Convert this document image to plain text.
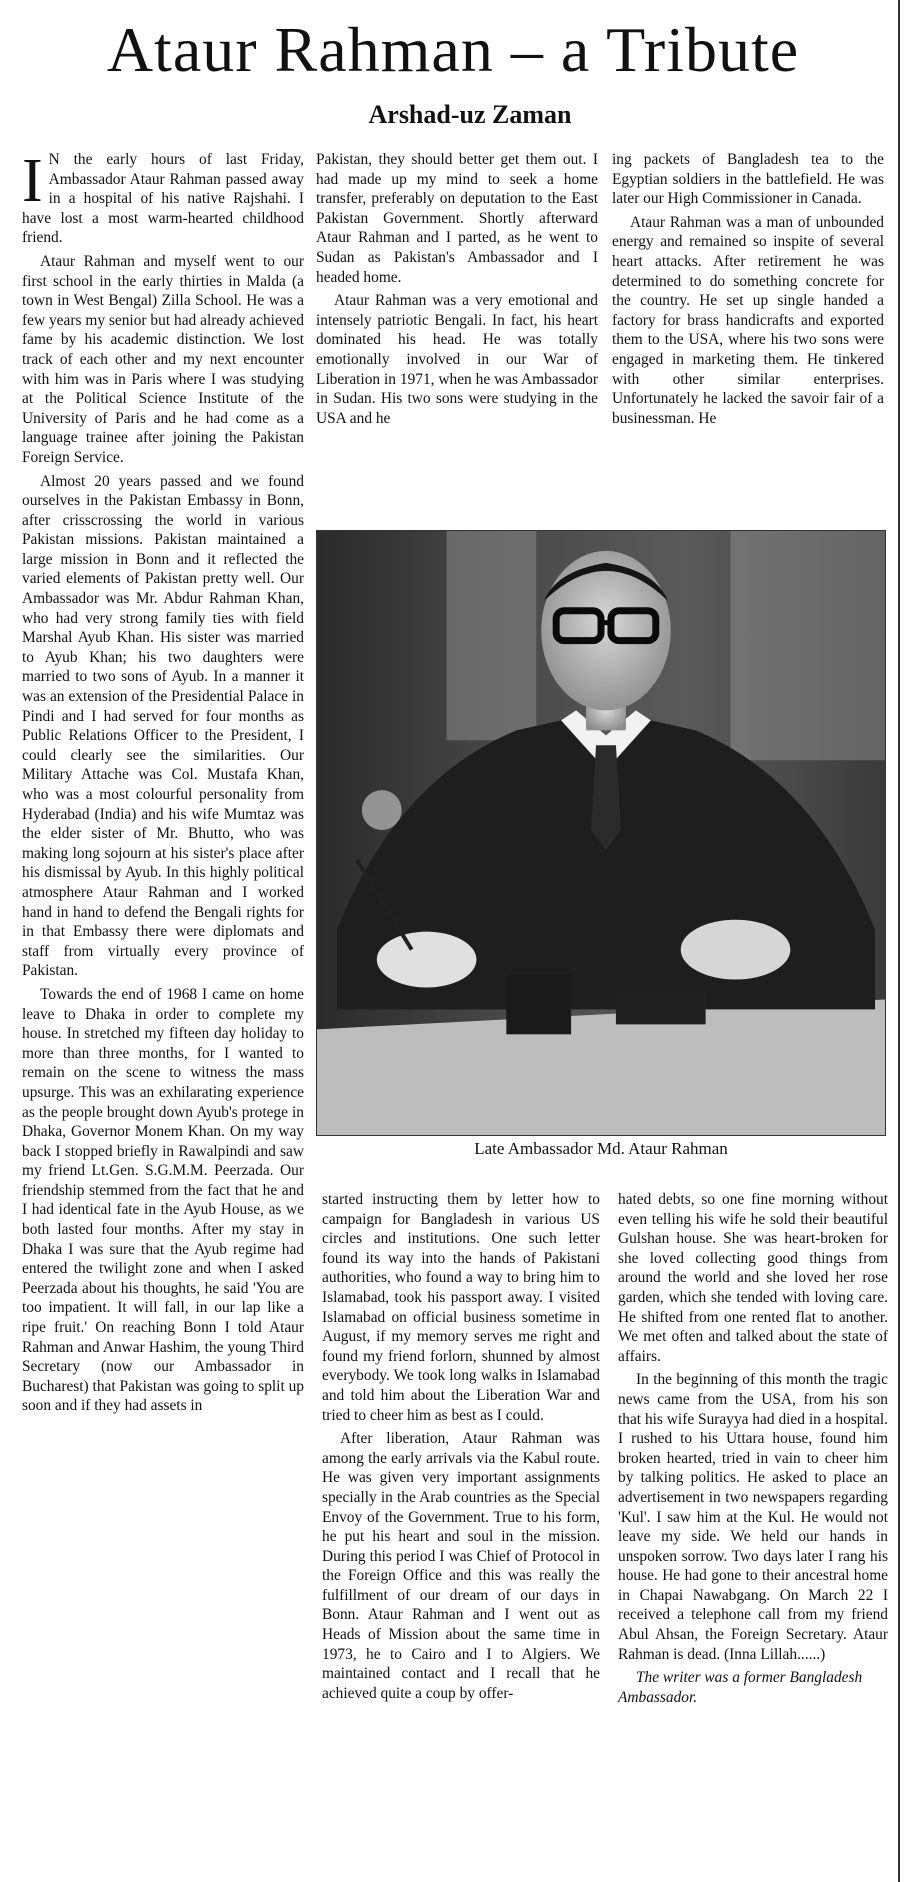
Ataur Rahman – a Tribute
Arshad-uz Zaman

I N the early hours of last Friday, Ambassador Ataur Rahman passed away in a hospital of his native Rajshahi. I have lost a most warm-hearted childhood friend.

Ataur Rahman and myself went to our first school in the early thirties in Malda (a town in West Bengal) Zilla School. He was a few years my senior but had already achieved fame by his academic distinction. We lost track of each other and my next encounter with him was in Paris where I was studying at the Political Science Institute of the University of Paris and he had come as a language trainee after joining the Pakistan Foreign Service.

Almost 20 years passed and we found ourselves in the Pakistan Embassy in Bonn, after crisscrossing the world in various Pakistan missions. Pakistan maintained a large mission in Bonn and it reflected the varied elements of Pakistan pretty well. Our Ambassador was Mr. Abdur Rahman Khan, who had very strong family ties with field Marshal Ayub Khan. His sister was married to Ayub Khan; his two daughters were married to two sons of Ayub. In a manner it was an extension of the Presidential Palace in Pindi and I had served for four months as Public Relations Officer to the President, I could clearly see the similarities. Our Military Attache was Col. Mustafa Khan, who was a most colourful personality from Hyderabad (India) and his wife Mumtaz was the elder sister of Mr. Bhutto, who was making long sojourn at his sister's place after his dismissal by Ayub. In this highly political atmosphere Ataur Rahman and I worked hand in hand to defend the Bengali rights for in that Embassy there were diplomats and staff from virtually every province of Pakistan.

Towards the end of 1968 I came on home leave to Dhaka in order to complete my house. In stretched my fifteen day holiday to more than three months, for I wanted to remain on the scene to witness the mass upsurge. This was an exhilarating experience as the people brought down Ayub's protege in Dhaka, Governor Monem Khan. On my way back I stopped briefly in Rawalpindi and saw my friend Lt.Gen. S.G.M.M. Peerzada. Our friendship stemmed from the fact that he and I had identical fate in the Ayub House, as we both lasted four months. After my stay in Dhaka I was sure that the Ayub regime had entered the twilight zone and when I asked Peerzada about his thoughts, he said 'You are too impatient. It will fall, in our lap like a ripe fruit.' On reaching Bonn I told Ataur Rahman and Anwar Hashim, the young Third Secretary (now our Ambassador in Bucharest) that Pakistan was going to split up soon and if they had assets in

Pakistan, they should better get them out. I had made up my mind to seek a home transfer, preferably on deputation to the East Pakistan Government. Shortly afterward Ataur Rahman and I parted, as he went to Sudan as Pakistan's Ambassador and I headed home.

Ataur Rahman was a very emotional and intensely patriotic Bengali. In fact, his heart dominated his head. He was totally emotionally involved in our War of Liberation in 1971, when he was Ambassador in Sudan. His two sons were studying in the USA and he

ing packets of Bangladesh tea to the Egyptian soldiers in the battlefield. He was later our High Commissioner in Canada.

Ataur Rahman was a man of unbounded energy and remained so inspite of several heart attacks. After retirement he was determined to do something concrete for the country. He set up single handed a factory for brass handicrafts and exported them to the USA, where his two sons were engaged in marketing them. He tinkered with other similar enterprises. Unfortunately he lacked the savoir fair of a businessman. He

Late Ambassador Md. Ataur Rahman

started instructing them by letter how to campaign for Bangladesh in various US circles and institutions. One such letter found its way into the hands of Pakistani authorities, who found a way to bring him to Islamabad, took his passport away. I visited Islamabad on official business sometime in August, if my memory serves me right and found my friend forlorn, shunned by almost everybody. We took long walks in Islamabad and told him about the Liberation War and tried to cheer him as best as I could.

After liberation, Ataur Rahman was among the early arrivals via the Kabul route. He was given very important assignments specially in the Arab countries as the Special Envoy of the Government. True to his form, he put his heart and soul in the mission. During this period I was Chief of Protocol in the Foreign Office and this was really the fulfillment of our dream of our days in Bonn. Ataur Rahman and I went out as Heads of Mission about the same time in 1973, he to Cairo and I to Algiers. We maintained contact and I recall that he achieved quite a coup by offer-

hated debts, so one fine morning without even telling his wife he sold their beautiful Gulshan house. She was heart-broken for she loved collecting good things from around the world and she loved her rose garden, which she tended with loving care. He shifted from one rented flat to another. We met often and talked about the state of affairs.

In the beginning of this month the tragic news came from the USA, from his son that his wife Surayya had died in a hospital. I rushed to his Uttara house, found him broken hearted, tried in vain to cheer him by talking politics. He asked to place an advertisement in two newspapers regarding 'Kul'. I saw him at the Kul. He would not leave my side. We held our hands in unspoken sorrow. Two days later I rang his house. He had gone to their ancestral home in Chapai Nawabgang. On March 22 I received a telephone call from my friend Abul Ahsan, the Foreign Secretary. Ataur Rahman is dead. (Inna Lillah......)

The writer was a former Bangladesh Ambassador.
